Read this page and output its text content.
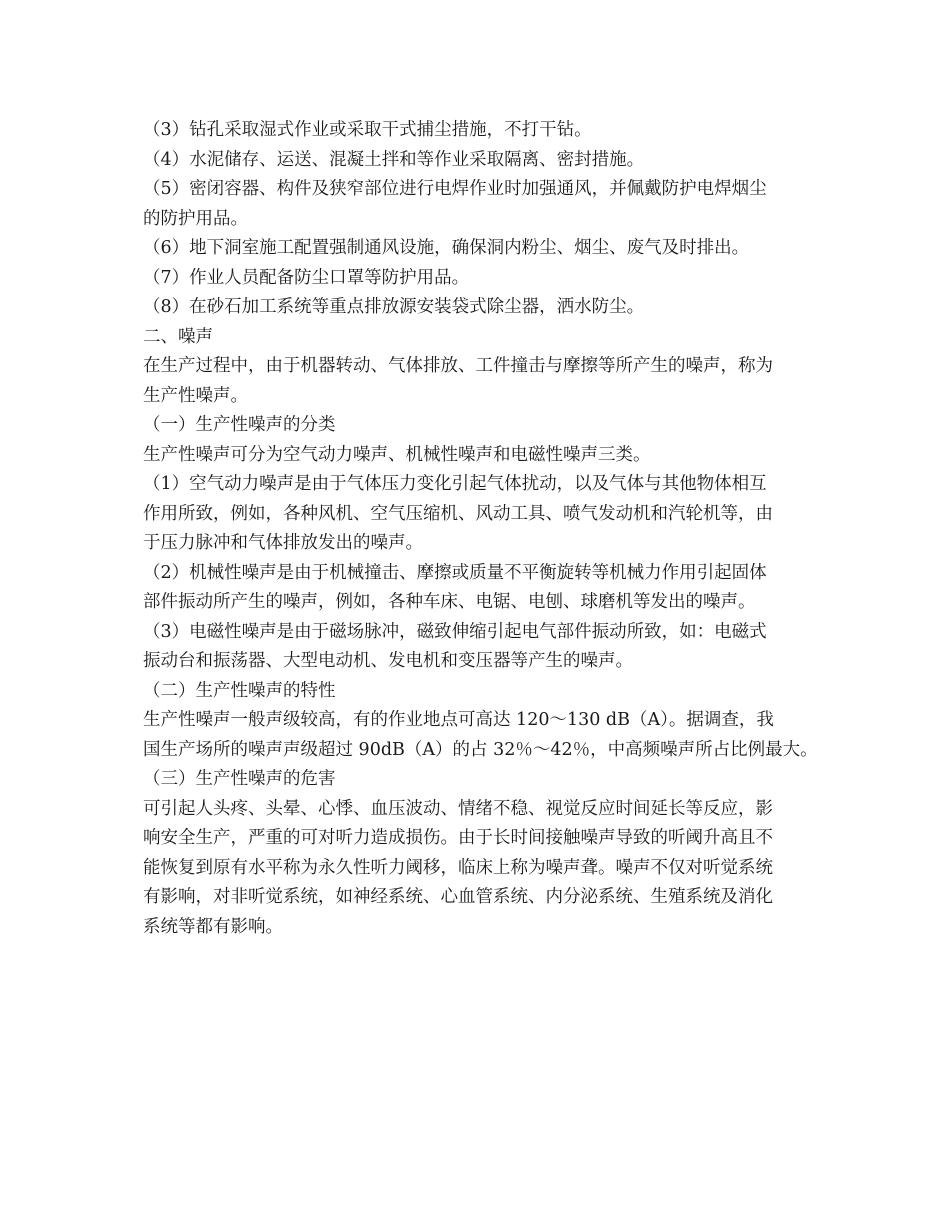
（3）钻孔采取湿式作业或采取干式捕尘措施，不打干钻。
（4）水泥储存、运送、混凝土拌和等作业采取隔离、密封措施。
（5）密闭容器、构件及狭窄部位进行电焊作业时加强通风，并佩戴防护电焊烟尘
的防护用品。
（6）地下洞室施工配置强制通风设施，确保洞内粉尘、烟尘、废气及时排出。
（7）作业人员配备防尘口罩等防护用品。
（8）在砂石加工系统等重点排放源安装袋式除尘器，洒水防尘。
二、噪声
在生产过程中，由于机器转动、气体排放、工件撞击与摩擦等所产生的噪声，称为
生产性噪声。
（一）生产性噪声的分类
生产性噪声可分为空气动力噪声、机械性噪声和电磁性噪声三类。
（1）空气动力噪声是由于气体压力变化引起气体扰动，以及气体与其他物体相互
作用所致，例如，各种风机、空气压缩机、风动工具、喷气发动机和汽轮机等，由
于压力脉冲和气体排放发出的噪声。
（2）机械性噪声是由于机械撞击、摩擦或质量不平衡旋转等机械力作用引起固体
部件振动所产生的噪声，例如，各种车床、电锯、电刨、球磨机等发出的噪声。
（3）电磁性噪声是由于磁场脉冲，磁致伸缩引起电气部件振动所致，如：电磁式
振动台和振荡器、大型电动机、发电机和变压器等产生的噪声。
（二）生产性噪声的特性
生产性噪声一般声级较高，有的作业地点可高达 120～130 dB（A）。据调查，我
国生产场所的噪声声级超过 90dB（A）的占 32％～42％，中高频噪声所占比例最大。
（三）生产性噪声的危害
可引起人头疼、头晕、心悸、血压波动、情绪不稳、视觉反应时间延长等反应，影
响安全生产，严重的可对听力造成损伤。由于长时间接触噪声导致的听阈升高且不
能恢复到原有水平称为永久性听力阈移，临床上称为噪声聋。噪声不仅对听觉系统
有影响，对非听觉系统，如神经系统、心血管系统、内分泌系统、生殖系统及消化
系统等都有影响。
